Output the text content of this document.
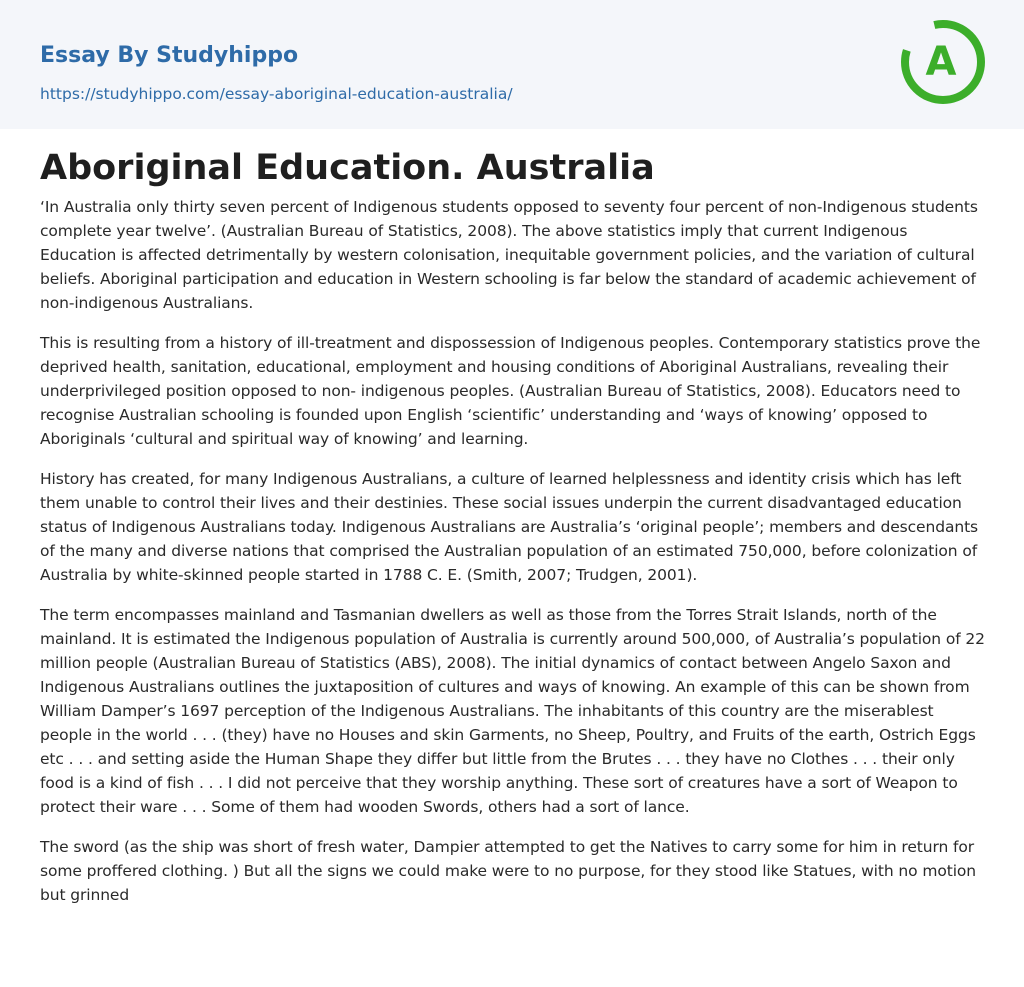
Essay By Studyhippo
https://studyhippo.com/essay-aboriginal-education-australia/
A
Aboriginal Education. Australia

‘In Australia only thirty seven percent of Indigenous students opposed to seventy four percent of non-Indigenous students complete year twelve’. (Australian Bureau of Statistics, 2008). The above statistics imply that current Indigenous Education is affected detrimentally by western colonisation, inequitable government policies, and the variation of cultural beliefs. Aboriginal participation and education in Western schooling is far below the standard of academic achievement of non-indigenous Australians.

This is resulting from a history of ill-treatment and dispossession of Indigenous peoples. Contemporary statistics prove the deprived health, sanitation, educational, employment and housing conditions of Aboriginal Australians, revealing their underprivileged position opposed to non- indigenous peoples. (Australian Bureau of Statistics, 2008). Educators need to recognise Australian schooling is founded upon English ‘scientific’ understanding and ‘ways of knowing’ opposed to Aboriginals ‘cultural and spiritual way of knowing’ and learning.

History has created, for many Indigenous Australians, a culture of learned helplessness and identity crisis which has left them unable to control their lives and their destinies. These social issues underpin the current disadvantaged education status of Indigenous Australians today. Indigenous Australians are Australia’s ‘original people’; members and descendants of the many and diverse nations that comprised the Australian population of an estimated 750,000, before colonization of Australia by white-skinned people started in 1788 C. E. (Smith, 2007; Trudgen, 2001).

The term encompasses mainland and Tasmanian dwellers as well as those from the Torres Strait Islands, north of the mainland. It is estimated the Indigenous population of Australia is currently around 500,000, of Australia’s population of 22 million people (Australian Bureau of Statistics (ABS), 2008). The initial dynamics of contact between Angelo Saxon and Indigenous Australians outlines the juxtaposition of cultures and ways of knowing. An example of this can be shown from William Damper’s 1697 perception of the Indigenous Australians. The inhabitants of this country are the miserablest people in the world . . . (they) have no Houses and skin Garments, no Sheep, Poultry, and Fruits of the earth, Ostrich Eggs etc . . . and setting aside the Human Shape they differ but little from the Brutes . . . they have no Clothes . . . their only food is a kind of fish . . . I did not perceive that they worship anything. These sort of creatures have a sort of Weapon to protect their ware . . . Some of them had wooden Swords, others had a sort of lance.

The sword (as the ship was short of fresh water, Dampier attempted to get the Natives to carry some for him in return for some proffered clothing. ) But all the signs we could make were to no purpose, for they stood like Statues, with no motion but grinned
